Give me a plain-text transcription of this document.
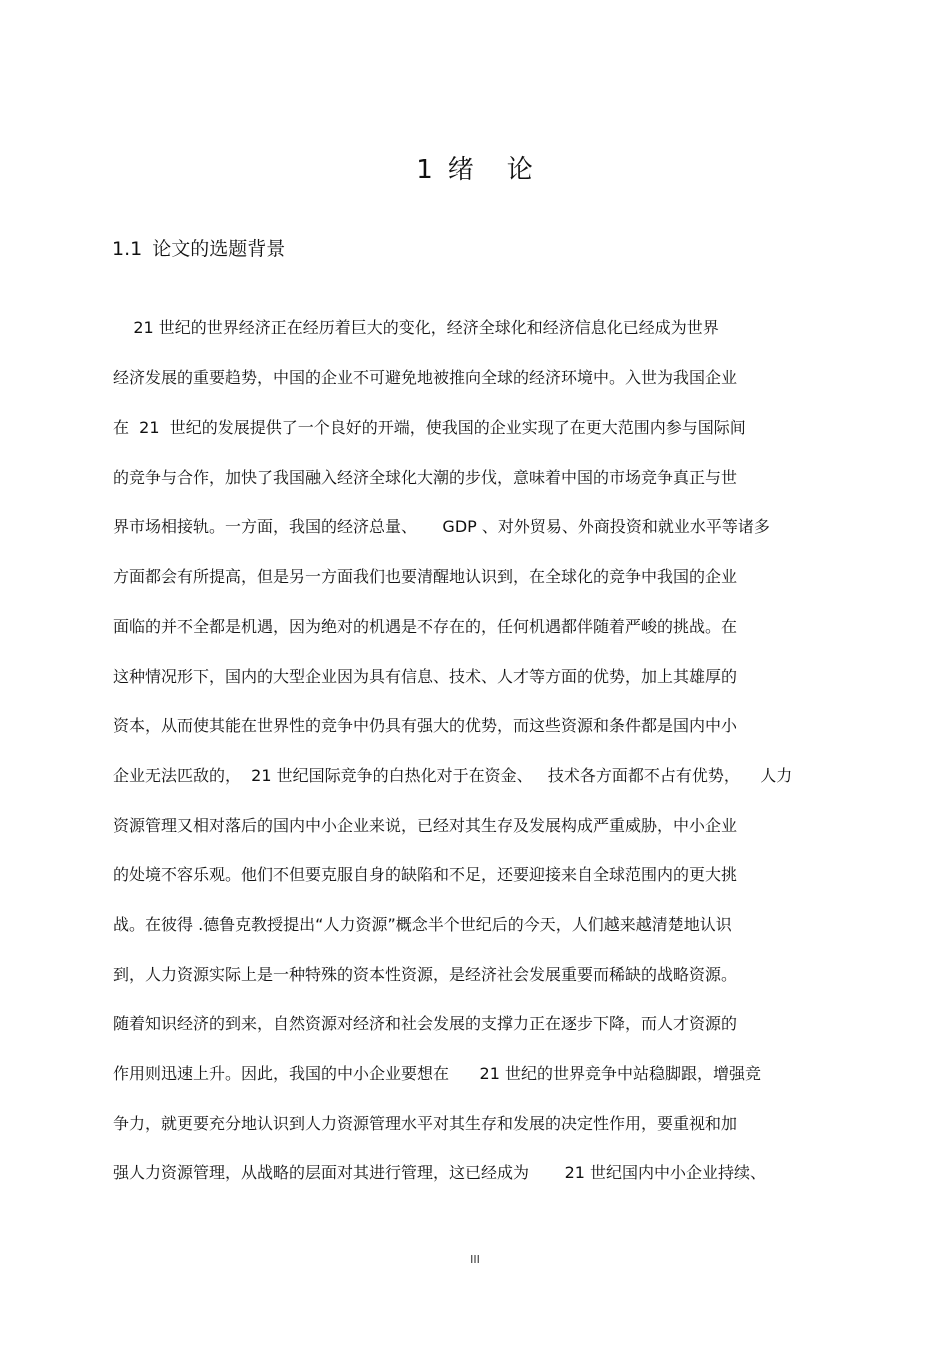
1 绪 论
1.1 论文的选题背景

21 世纪的世界经济正在经历着巨大的变化，经济全球化和经济信息化已经成为世界

经济发展的重要趋势，中国的企业不可避免地被推向全球的经济环境中。入世为我国企业

在  21  世纪的发展提供了一个良好的开端，使我国的企业实现了在更大范围内参与国际间

的竞争与合作，加快了我国融入经济全球化大潮的步伐，意味着中国的市场竞争真正与世

界市场相接轨。一方面，我国的经济总量、     GDP 、对外贸易、外商投资和就业水平等诸多

方面都会有所提高，但是另一方面我们也要清醒地认识到，在全球化的竞争中我国的企业

面临的并不全都是机遇，因为绝对的机遇是不存在的，任何机遇都伴随着严峻的挑战。在

这种情况形下，国内的大型企业因为具有信息、技术、人才等方面的优势，加上其雄厚的

资本，从而使其能在世界性的竞争中仍具有强大的优势，而这些资源和条件都是国内中小

企业无法匹敌的，  21 世纪国际竞争的白热化对于在资金、   技术各方面都不占有优势，    人力

资源管理又相对落后的国内中小企业来说，已经对其生存及发展构成严重威胁，中小企业

的处境不容乐观。他们不但要克服自身的缺陷和不足，还要迎接来自全球范围内的更大挑

战。在彼得 .德鲁克教授提出“人力资源”概念半个世纪后的今天，人们越来越清楚地认识

到，人力资源实际上是一种特殊的资本性资源，是经济社会发展重要而稀缺的战略资源。

随着知识经济的到来，自然资源对经济和社会发展的支撑力正在逐步下降，而人才资源的

作用则迅速上升。因此，我国的中小企业要想在      21 世纪的世界竞争中站稳脚跟，增强竞

争力，就更要充分地认识到人力资源管理水平对其生存和发展的决定性作用，要重视和加

强人力资源管理，从战略的层面对其进行管理，这已经成为       21 世纪国内中小企业持续、

III
